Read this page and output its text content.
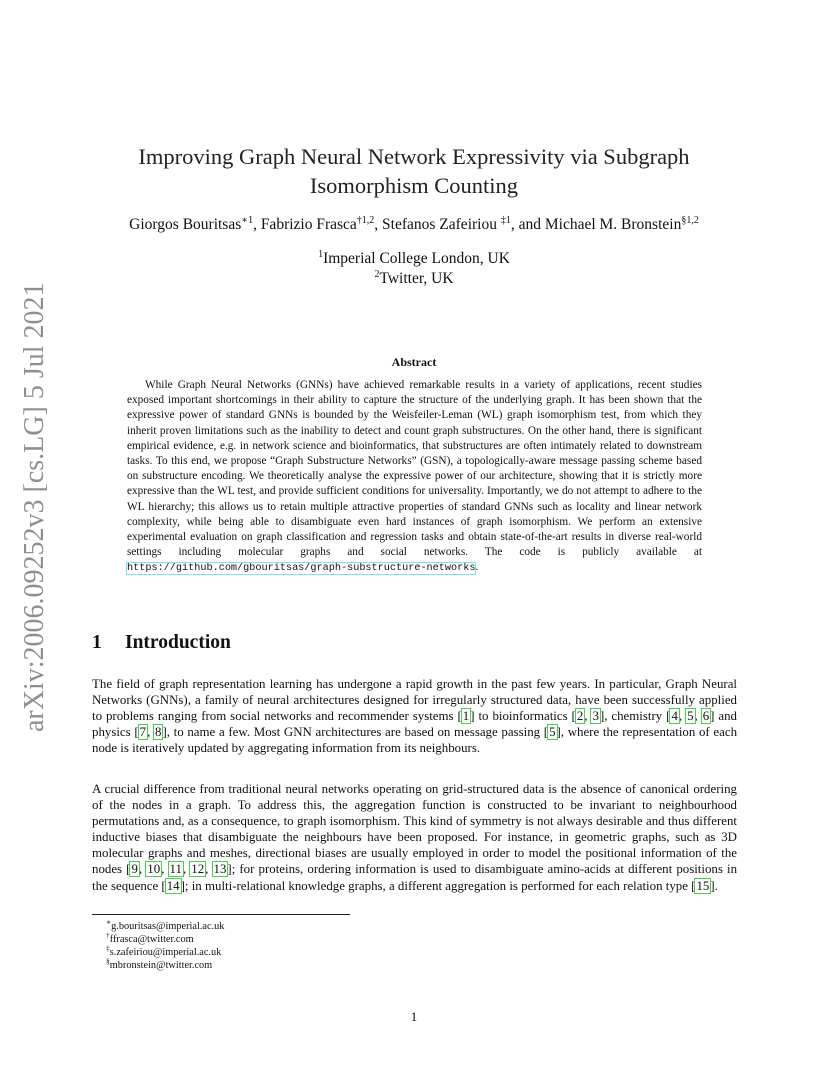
arXiv:2006.09252v3 [cs.LG] 5 Jul 2021
Improving Graph Neural Network Expressivity via Subgraph
Isomorphism Counting
Giorgos Bouritsas$^{∗1}$, Fabrizio Frasca$^{\dagger 1,2}$, Stefanos Zafeiriou $^{\ddagger 1}$, and Michael M. Bronstein$^{\S 1,2}$
$^1$Imperial College London, UK
$^2$Twitter, UK
Abstract

While Graph Neural Networks (GNNs) have achieved remarkable results in a variety of applications, recent studies exposed important shortcomings in their ability to capture the structure of the underlying graph. It has been shown that the expressive power of standard GNNs is bounded by the Weisfeiler-Leman (WL) graph isomorphism test, from which they inherit proven limitations such as the inability to detect and count graph substructures. On the other hand, there is significant empirical evidence, e.g. in network science and bioinformatics, that substructures are often intimately related to downstream tasks. To this end, we propose “Graph Substructure Networks” (GSN), a topologically-aware message passing scheme based on substructure encoding. We theoretically analyse the expressive power of our architecture, showing that it is strictly more expressive than the WL test, and provide sufficient conditions for universality. Importantly, we do not attempt to adhere to the WL hierarchy; this allows us to retain multiple attractive properties of standard GNNs such as locality and linear network complexity, while being able to disambiguate even hard instances of graph isomorphism. We perform an extensive experimental evaluation on graph classification and regression tasks and obtain state-of-the-art results in diverse real-world settings including molecular graphs and social networks. The code is publicly available at https://github.com/gbouritsas/graph-substructure-networks.

1 Introduction

The field of graph representation learning has undergone a rapid growth in the past few years. In particular, Graph Neural Networks (GNNs), a family of neural architectures designed for irregularly structured data, have been successfully applied to problems ranging from social networks and recommender systems [1] to bioinformatics [2, 3], chemistry [4, 5, 6] and physics [7, 8], to name a few. Most GNN architectures are based on message passing [5], where the representation of each node is iteratively updated by aggregating information from its neighbours.

A crucial difference from traditional neural networks operating on grid-structured data is the absence of canonical ordering of the nodes in a graph. To address this, the aggregation function is constructed to be invariant to neighbourhood permutations and, as a consequence, to graph isomorphism. This kind of symmetry is not always desirable and thus different inductive biases that disambiguate the neighbours have been proposed. For instance, in geometric graphs, such as 3D molecular graphs and meshes, directional biases are usually employed in order to model the positional information of the nodes [9, 10, 11, 12, 13]; for proteins, ordering information is used to disambiguate amino-acids at different positions in the sequence [14]; in multi-relational knowledge graphs, a different aggregation is performed for each relation type [15].

∗g.bouritsas@imperial.ac.uk
†ffrasca@twitter.com
‡s.zafeiriou@imperial.ac.uk
§mbronstein@twitter.com
1
